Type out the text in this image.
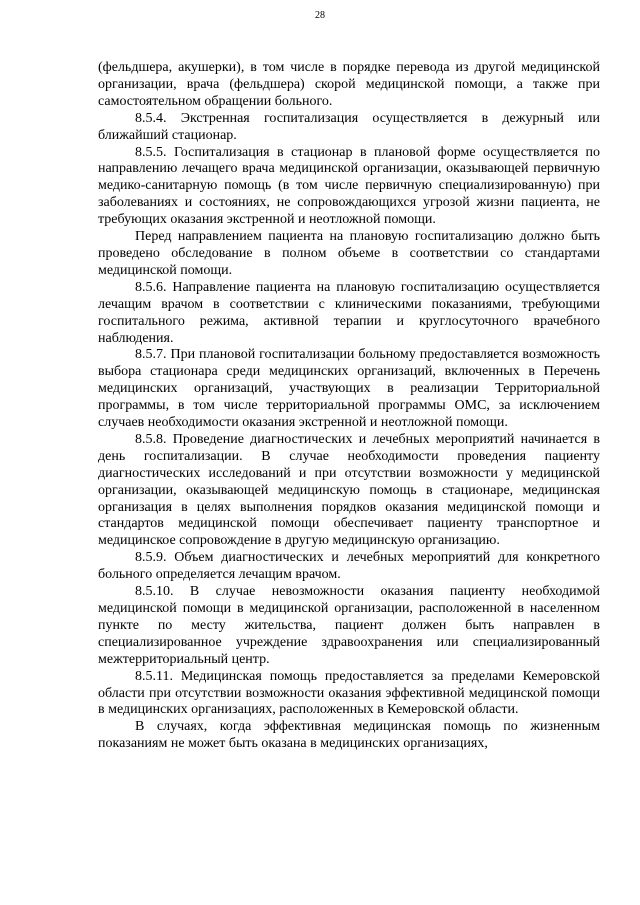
28

(фельдшера, акушерки), в том числе в порядке перевода из другой медицинской организации, врача (фельдшера) скорой медицинской помощи, а также при самостоятельном обращении больного.

8.5.4. Экстренная госпитализация осуществляется в дежурный или ближайший стационар.

8.5.5. Госпитализация в стационар в плановой форме осуществляется по направлению лечащего врача медицинской организации, оказывающей первичную медико-санитарную помощь (в том числе первичную специализированную) при заболеваниях и состояниях, не сопровождающихся угрозой жизни пациента, не требующих оказания экстренной и неотложной помощи.

Перед направлением пациента на плановую госпитализацию должно быть проведено обследование в полном объеме в соответствии со стандартами медицинской помощи.

8.5.6. Направление пациента на плановую госпитализацию осуществляется лечащим врачом в соответствии с клиническими показаниями, требующими госпитального режима, активной терапии и круглосуточного врачебного наблюдения.

8.5.7. При плановой госпитализации больному предоставляется возможность выбора стационара среди медицинских организаций, включенных в Перечень медицинских организаций, участвующих в реализации Территориальной программы, в том числе территориальной программы ОМС, за исключением случаев необходимости оказания экстренной и неотложной помощи.

8.5.8. Проведение диагностических и лечебных мероприятий начинается в день госпитализации. В случае необходимости проведения пациенту диагностических исследований и при отсутствии возможности у медицинской организации, оказывающей медицинскую помощь в стационаре, медицинская организация в целях выполнения порядков оказания медицинской помощи и стандартов медицинской помощи обеспечивает пациенту транспортное и медицинское сопровождение в другую медицинскую организацию.

8.5.9. Объем диагностических и лечебных мероприятий для конкретного больного определяется лечащим врачом.

8.5.10. В случае невозможности оказания пациенту необходимой медицинской помощи в медицинской организации, расположенной в населенном пункте по месту жительства, пациент должен быть направлен в специализированное учреждение здравоохранения или специализированный межтерриториальный центр.

8.5.11. Медицинская помощь предоставляется за пределами Кемеровской области при отсутствии возможности оказания эффективной медицинской помощи в медицинских организациях, расположенных в Кемеровской области.

В случаях, когда эффективная медицинская помощь по жизненным показаниям не может быть оказана в медицинских организациях,
